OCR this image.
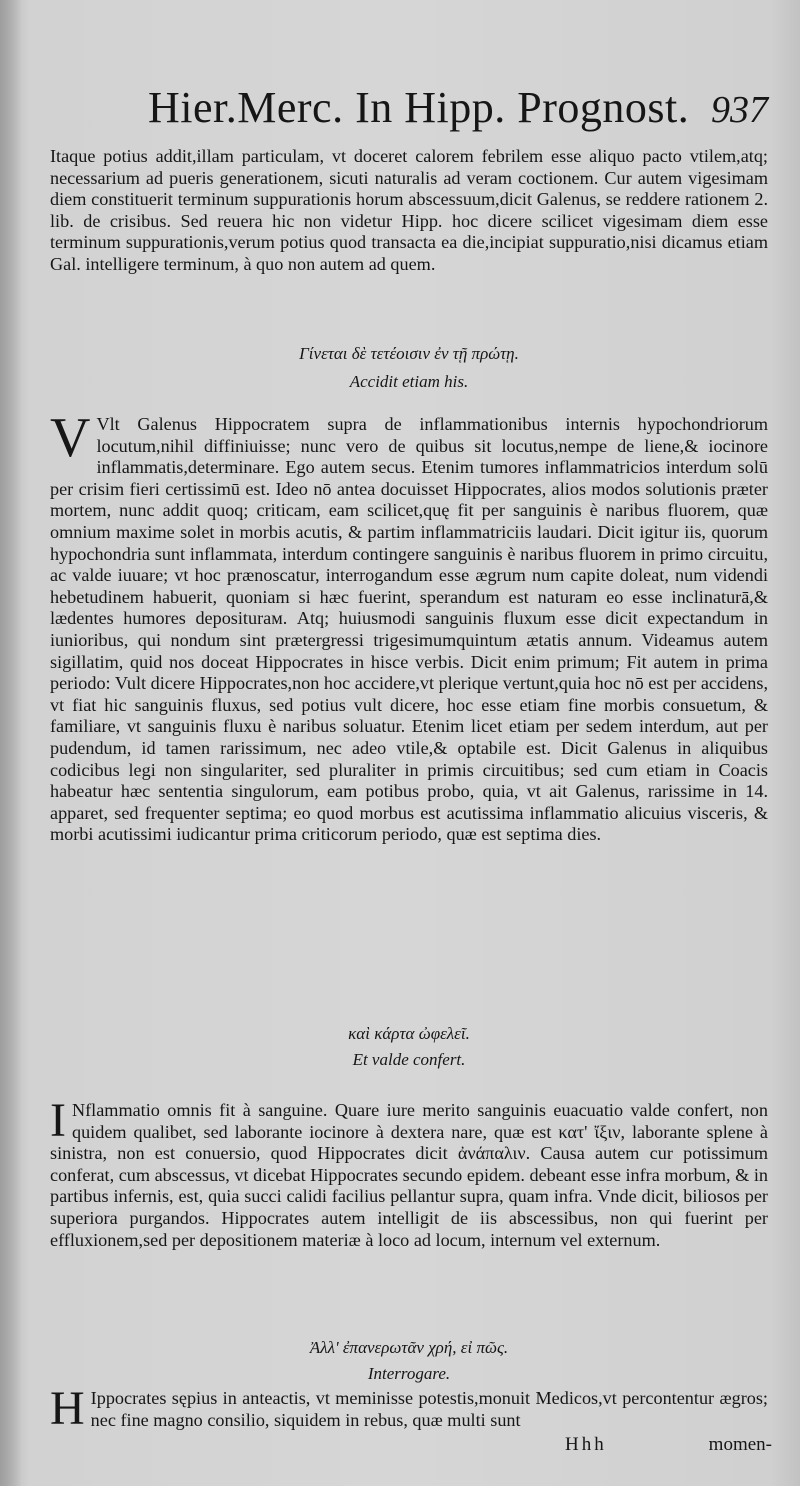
Hier.Merc. In Hipp. Prognost. 937

Itaque potius addit,illam particulam, vt doceret calorem febrilem esse aliquo pacto vtilem,atq; necessarium ad pueris generationem, sicuti naturalis ad veram coctionem. Cur autem vigesimam diem constituerit terminum suppurationis horum abscessuum,dicit Galenus, se reddere rationem 2. lib. de crisibus. Sed reuera hic non videtur Hipp. hoc dicere scilicet vigesimam diem esse terminum suppurationis,verum potius quod transacta ea die,incipiat suppuratio,nisi dicamus etiam Gal. intelligere terminum, à quo non autem ad quem.

Γίνεται δὲ τετέοισιν ἐν τῇ πρώτῃ.
Accidit etiam his.
V Vlt Galenus Hippocratem supra de inflammationibus internis hypochondriorum locutum,nihil diffiniuisse; nunc vero de quibus sit locutus,nempe de liene,& iocinore inflammatis,determinare. Ego autem secus. Etenim tumores inflammatricios interdum solū per crisim fieri certissimū est. Ideo nō antea docuisset Hippocrates, alios modos solutionis præter mortem, nunc addit quoq; criticam, eam scilicet,quę fit per sanguinis è naribus fluorem, quæ omnium maxime solet in morbis acutis, & partim inflammatriciis laudari. Dicit igitur iis, quorum hypochondria sunt inflammata, interdum contingere sanguinis è naribus fluorem in primo circuitu, ac valde iuuare; vt hoc prænoscatur, interrogandum esse ægrum num capite doleat, num videndi hebetudinem habuerit, quoniam si hæc fuerint, sperandum est naturam eo esse inclinaturā,& lædentes humores depositurам. Atq; huiusmodi sanguinis fluxum esse dicit expectandum in iunioribus, qui nondum sint prætergressi trigesimumquintum ætatis annum. Videamus autem sigillatim, quid nos doceat Hippocrates in hisce verbis. Dicit enim primum; Fit autem in prima periodo: Vult dicere Hippocrates,non hoc accidere,vt plerique vertunt,quia hoc nō est per accidens, vt fiat hic sanguinis fluxus, sed potius vult dicere, hoc esse etiam fine morbis consuetum, & familiare, vt sanguinis fluxu è naribus soluatur. Etenim licet etiam per sedem interdum, aut per pudendum, id tamen rarissimum, nec adeo vtile,& optabile est. Dicit Galenus in aliquibus codicibus legi non singulariter, sed pluraliter in primis circuitibus; sed cum etiam in Coacis habeatur hæc sententia singulorum, eam potibus probo, quia, vt ait Galenus, rarissime in 14. apparet, sed frequenter septima; eo quod morbus est acutissima inflammatio alicuius visceris, & morbi acutissimi iudicantur prima criticorum periodo, quæ est septima dies.

καὶ κάρτα ὠφελεῖ.
Et valde confert.
I Nflammatio omnis fit à sanguine. Quare iure merito sanguinis euacuatio valde confert, non quidem qualibet, sed laborante iocinore à dextera nare, quæ est κατ' ἴξιν, laborante splene à sinistra, non est conuersio, quod Hippocrates dicit ἀνάπαλιν. Causa autem cur potissimum conferat, cum abscessus, vt dicebat Hippocrates secundo epidem. debeant esse infra morbum, & in partibus infernis, est, quia succi calidi facilius pellantur supra, quam infra. Vnde dicit, biliosos per superiora purgandos. Hippocrates autem intelligit de iis abscessibus, non qui fuerint per effluxionem,sed per depositionem materiæ à loco ad locum, internum vel externum.

Ἀλλ' ἐπανερωτᾶν χρή, εἰ πῶς.
Interrogare.
H Ippocrates sępius in anteactis, vt meminisse potestis,monuit Medicos,vt percontentur ægros; nec fine magno consilio, siquidem in rebus, quæ multi sunt

Hhh	momen-
